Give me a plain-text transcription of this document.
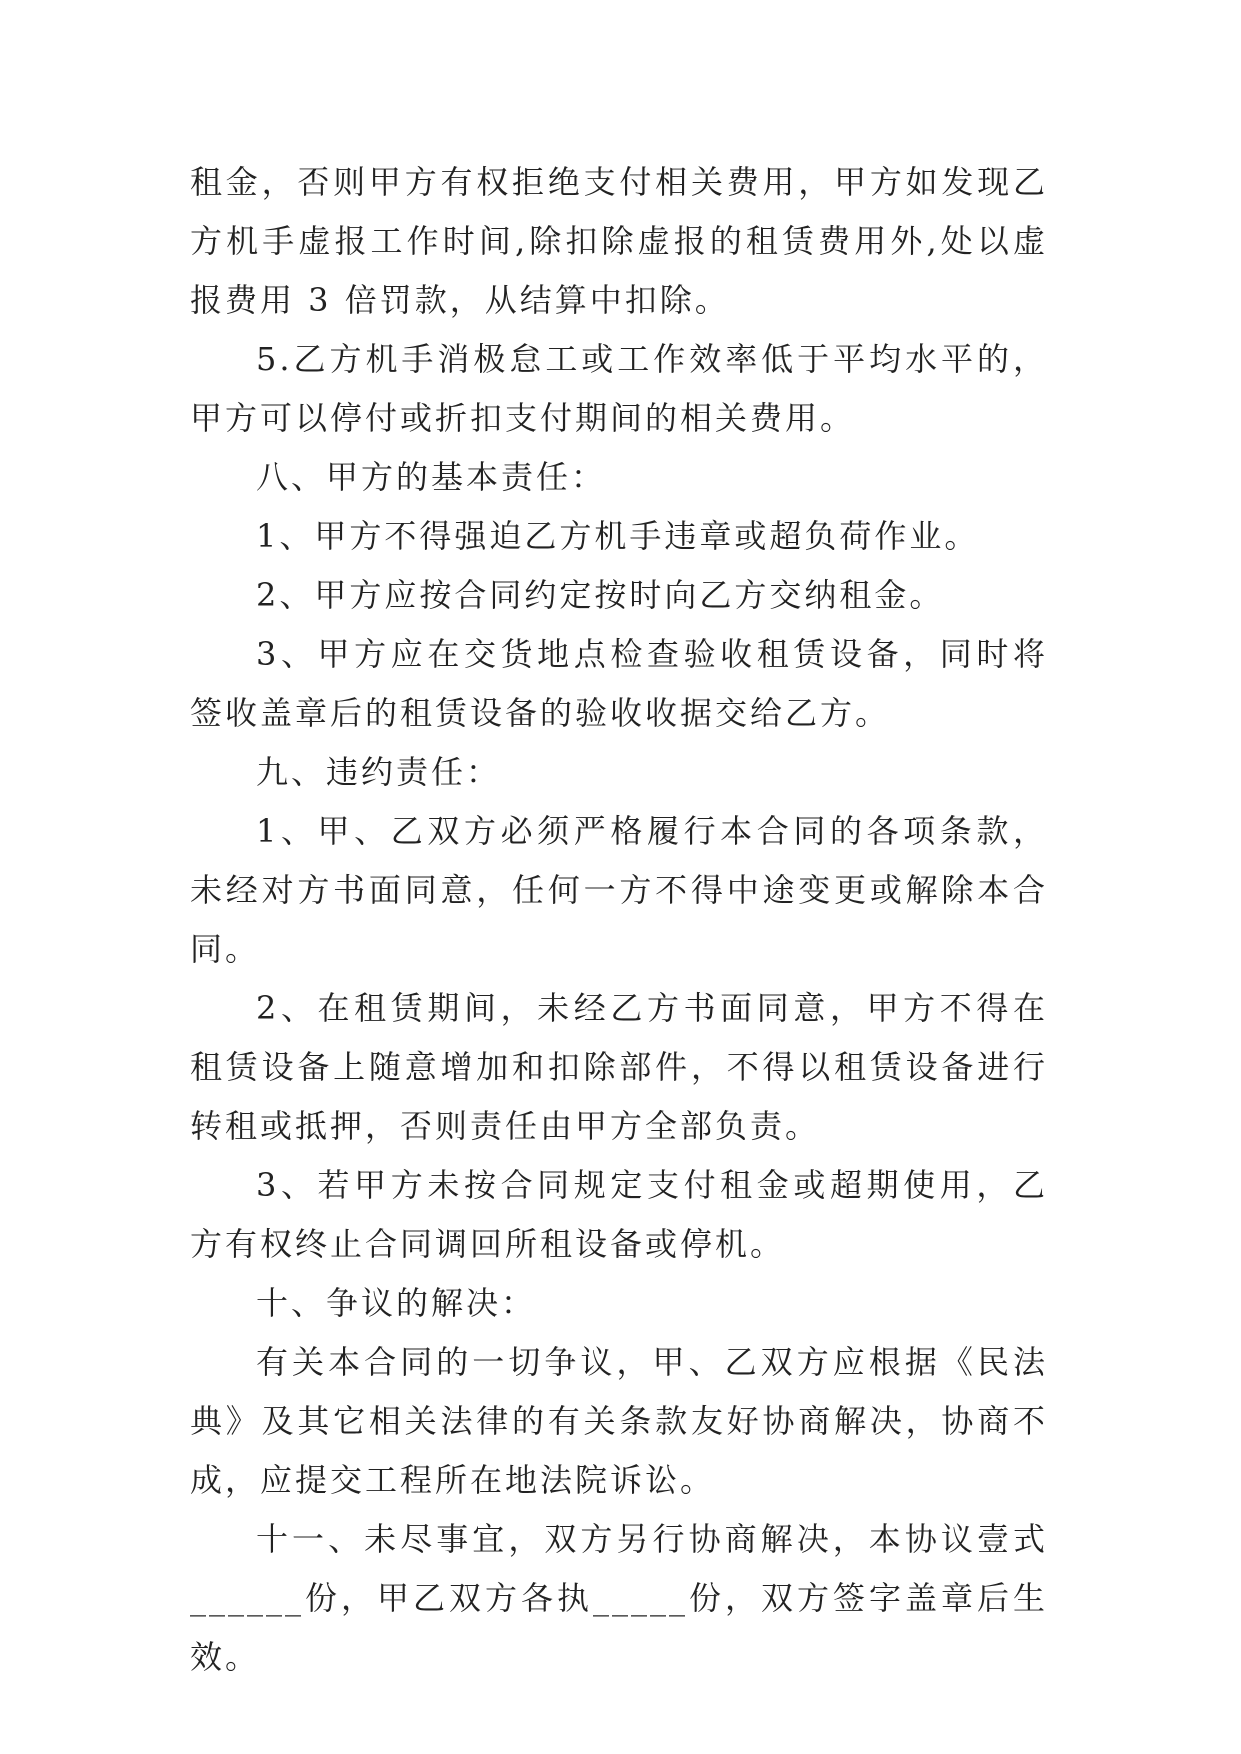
租金，否则甲方有权拒绝支付相关费用，甲方如发现乙方机手虚报工作时间,除扣除虚报的租赁费用外,处以虚报费用 3 倍罚款，从结算中扣除。

5.乙方机手消极怠工或工作效率低于平均水平的，甲方可以停付或折扣支付期间的相关费用。

八、甲方的基本责任：

1、甲方不得强迫乙方机手违章或超负荷作业。

2、甲方应按合同约定按时向乙方交纳租金。

3、甲方应在交货地点检查验收租赁设备，同时将签收盖章后的租赁设备的验收收据交给乙方。

九、违约责任：

1、甲、乙双方必须严格履行本合同的各项条款，未经对方书面同意，任何一方不得中途变更或解除本合同。

2、在租赁期间，未经乙方书面同意，甲方不得在租赁设备上随意增加和扣除部件，不得以租赁设备进行转租或抵押，否则责任由甲方全部负责。

3、若甲方未按合同规定支付租金或超期使用，乙方有权终止合同调回所租设备或停机。

十、争议的解决：

有关本合同的一切争议，甲、乙双方应根据《民法典》及其它相关法律的有关条款友好协商解决，协商不成，应提交工程所在地法院诉讼。

十一、未尽事宜，双方另行协商解决，本协议壹式______份，甲乙双方各执_____份，双方签字盖章后生效。
